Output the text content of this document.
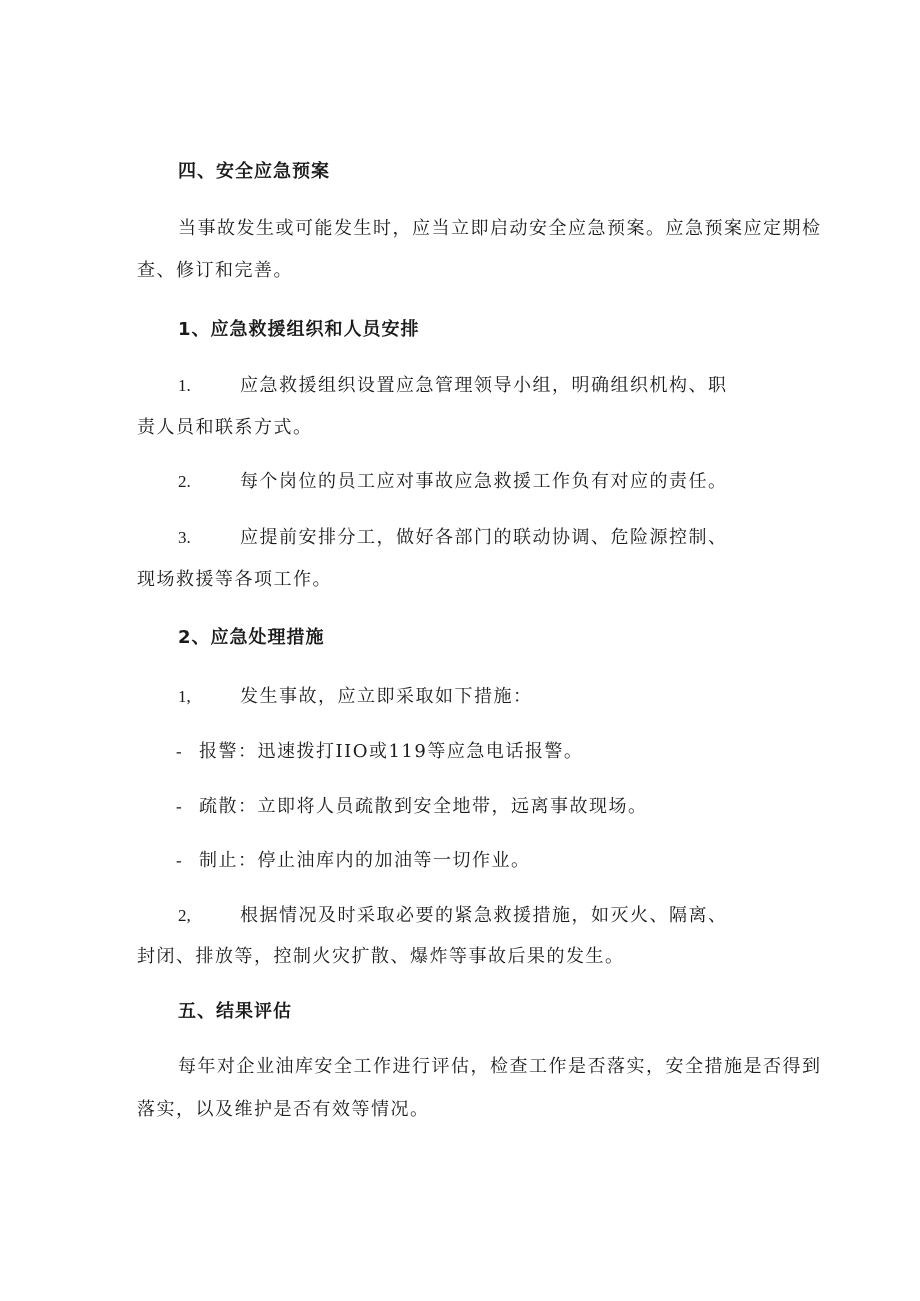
四、安全应急预案
当事故发生或可能发生时，应当立即启动安全应急预案。应急预案应定期检
查、修订和完善。
1、应急救援组织和人员安排
1.	应急救援组织设置应急管理领导小组，明确组织机构、职
责人员和联系方式。
2.	每个岗位的员工应对事故应急救援工作负有对应的责任。
3.	应提前安排分工，做好各部门的联动协调、危险源控制、
现场救援等各项工作。
2、应急处理措施
1,	发生事故，应立即采取如下措施：
- 报警：迅速拨打IIO或119等应急电话报警。
- 疏散：立即将人员疏散到安全地带，远离事故现场。
- 制止：停止油库内的加油等一切作业。
2,	根据情况及时采取必要的紧急救援措施，如灭火、隔离、
封闭、排放等，控制火灾扩散、爆炸等事故后果的发生。
五、结果评估
每年对企业油库安全工作进行评估，检查工作是否落实，安全措施是否得到
落实，以及维护是否有效等情况。
